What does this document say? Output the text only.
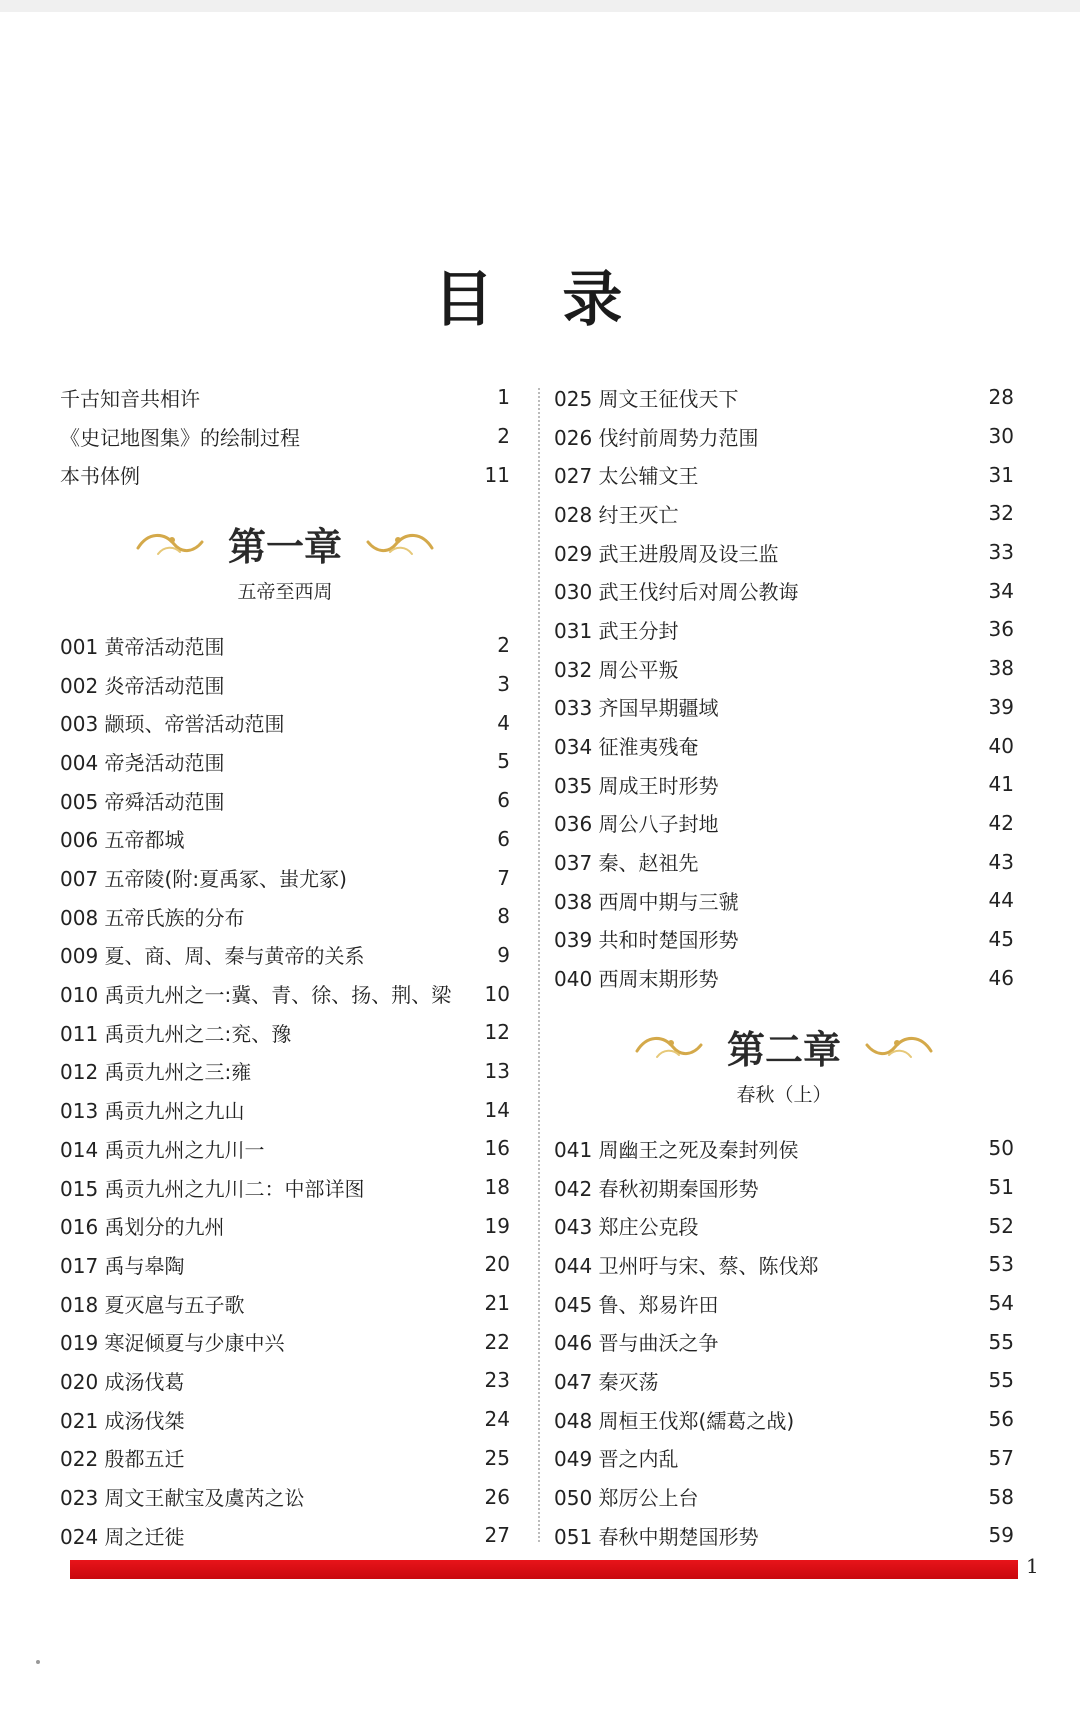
目 录
千古知音共相许	1
《史记地图集》的绘制过程	2
本书体例	11
第一章
五帝至西周
001 黄帝活动范围	2
002 炎帝活动范围	3
003 颛顼、帝喾活动范围	4
004 帝尧活动范围	5
005 帝舜活动范围	6
006 五帝都城	6
007 五帝陵(附:夏禹冢、蚩尤冢)	7
008 五帝氏族的分布	8
009 夏、商、周、秦与黄帝的关系	9
010 禹贡九州之一:冀、青、徐、扬、荆、梁	10
011 禹贡九州之二:兖、豫	12
012 禹贡九州之三:雍	13
013 禹贡九州之九山	14
014 禹贡九州之九川一	16
015 禹贡九州之九川二：中部详图	18
016 禹划分的九州	19
017 禹与皋陶	20
018 夏灭扈与五子歌	21
019 寒浞倾夏与少康中兴	22
020 成汤伐葛	23
021 成汤伐桀	24
022 殷都五迁	25
023 周文王献宝及虞芮之讼	26
024 周之迁徙	27
025 周文王征伐天下	28
026 伐纣前周势力范围	30
027 太公辅文王	31
028 纣王灭亡	32
029 武王进殷周及设三监	33
030 武王伐纣后对周公教诲	34
031 武王分封	36
032 周公平叛	38
033 齐国早期疆域	39
034 征淮夷残奄	40
035 周成王时形势	41
036 周公八子封地	42
037 秦、赵祖先	43
038 西周中期与三虢	44
039 共和时楚国形势	45
040 西周末期形势	46
第二章
春秋（上）
041 周幽王之死及秦封列侯	50
042 春秋初期秦国形势	51
043 郑庄公克段	52
044 卫州吁与宋、蔡、陈伐郑	53
045 鲁、郑易许田	54
046 晋与曲沃之争	55
047 秦灭荡	55
048 周桓王伐郑(繻葛之战)	56
049 晋之内乱	57
050 郑厉公上台	58
051 春秋中期楚国形势	59
1
